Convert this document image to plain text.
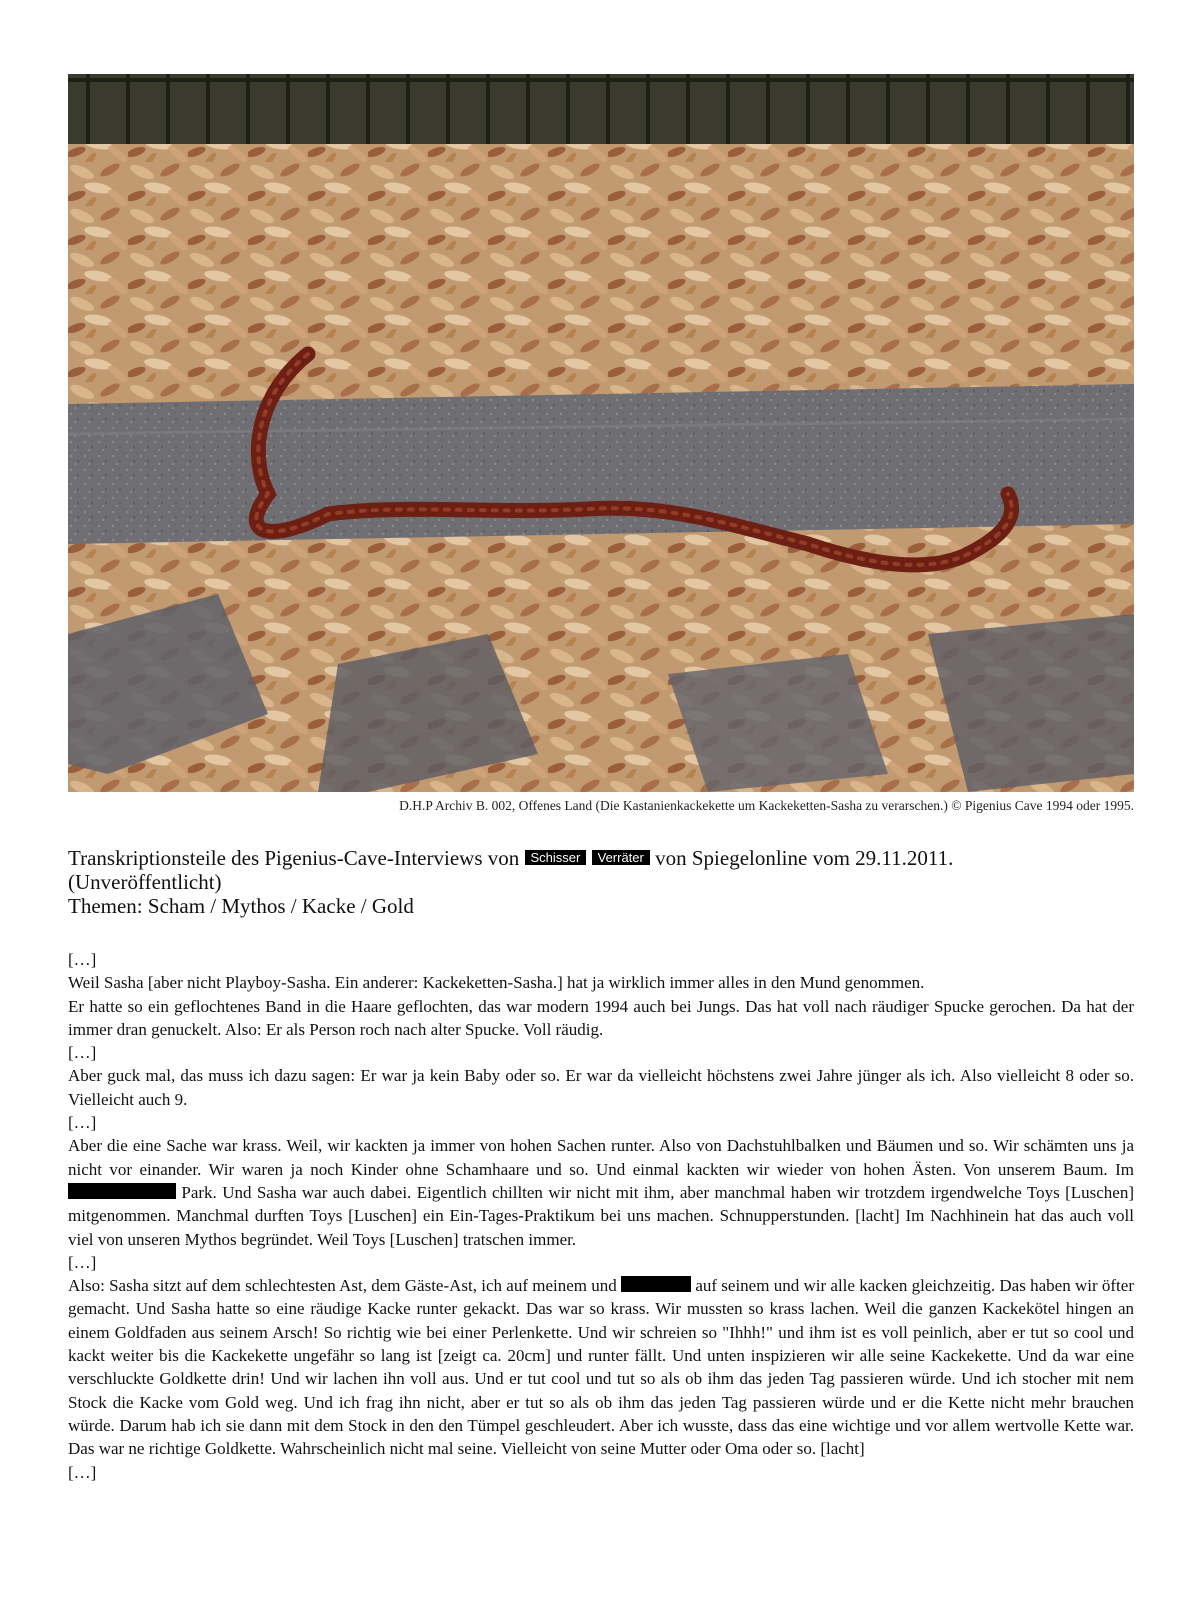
D.H.P Archiv B. 002, Offenes Land (Die Kastanienkackekette um Kackeketten-Sasha zu verarschen.) © Pigenius Cave 1994 oder 1995.
Transkriptionsteile des Pigenius-Cave-Interviews von Schisser Verräter von Spiegelonline vom 29.11.2011.
(Unveröffentlicht)
Themen: Scham / Mythos / Kacke / Gold

[…]

Weil Sasha [aber nicht Playboy-Sasha. Ein anderer: Kackeketten-Sasha.] hat ja wirklich immer alles in den Mund genommen.

Er hatte so ein geflochtenes Band in die Haare geflochten, das war modern 1994 auch bei Jungs. Das hat voll nach räudiger Spucke gerochen. Da hat der immer dran genuckelt. Also: Er als Person roch nach alter Spucke. Voll räudig.

[…]

Aber guck mal, das muss ich dazu sagen: Er war ja kein Baby oder so. Er war da vielleicht höchstens zwei Jahre jünger als ich. Also vielleicht 8 oder so. Vielleicht auch 9.

[…]

Aber die eine Sache war krass. Weil, wir kackten ja immer von hohen Sachen runter. Also von Dachstuhlbalken und Bäumen und so. Wir schämten uns ja nicht vor einander. Wir waren ja noch Kinder ohne Schamhaare und so. Und einmal kackten wir wieder von hohen Ästen. Von unserem Baum. Im  Park. Und Sasha war auch dabei. Eigentlich chillten wir nicht mit ihm, aber manchmal haben wir trotzdem irgendwelche Toys [Luschen] mitgenommen. Manchmal durften Toys [Luschen] ein Ein-Tages-Praktikum bei uns machen. Schnupperstunden. [lacht] Im Nachhinein hat das auch voll viel von unseren Mythos begründet. Weil Toys [Luschen] tratschen immer.

[…]

Also: Sasha sitzt auf dem schlechtesten Ast, dem Gäste-Ast, ich auf meinem und	auf seinem und wir alle kacken gleichzeitig. Das haben wir öfter gemacht. Und Sasha hatte so eine räudige Kacke runter gekackt. Das war so krass. Wir mussten so krass lachen. Weil die ganzen Kackekötel hingen an einem Goldfaden aus seinem Arsch! So richtig wie bei einer Perlenkette. Und wir schreien so "Ihhh!" und ihm ist es voll peinlich, aber er tut so cool und kackt weiter bis die Kackekette ungefähr so lang ist [zeigt ca. 20cm] und runter fällt. Und unten inspizieren wir alle seine Kackekette. Und da war eine verschluckte Goldkette drin! Und wir lachen ihn voll aus. Und er tut cool und tut so als ob ihm das jeden Tag passieren würde. Und ich stocher mit nem Stock die Kacke vom Gold weg. Und ich frag ihn nicht, aber er tut so als ob ihm das jeden Tag passieren würde und er die Kette nicht mehr brauchen würde. Darum hab ich sie dann mit dem Stock in den den Tümpel geschleudert. Aber ich wusste, dass das eine wichtige und vor allem wertvolle Kette war. Das war ne richtige Goldkette. Wahrscheinlich nicht mal seine. Vielleicht von seine Mutter oder Oma oder so. [lacht]

[…]
